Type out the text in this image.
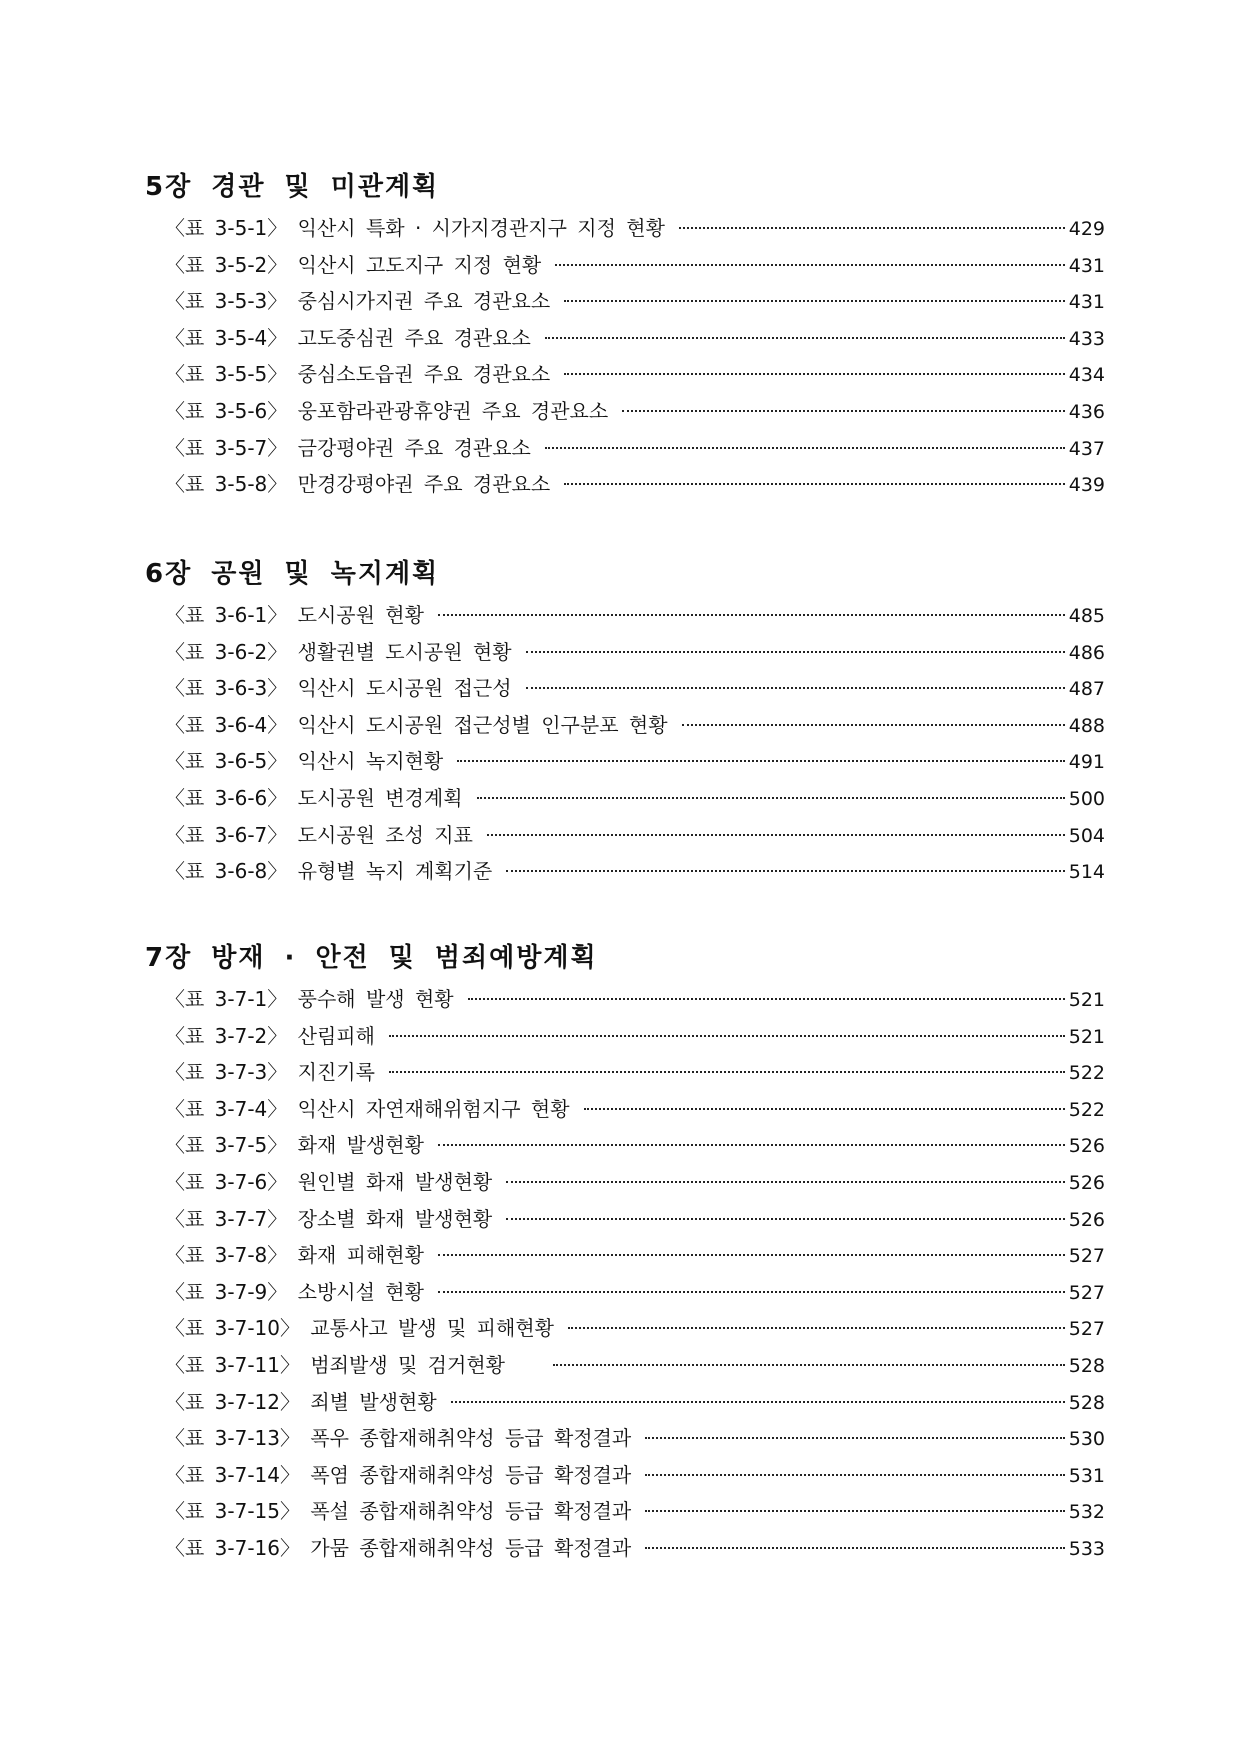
5장 경관 및 미관계획
〈표 3-5-1〉 익산시 특화 · 시가지경관지구 지정 현황	429
〈표 3-5-2〉 익산시 고도지구 지정 현황	431
〈표 3-5-3〉 중심시가지권 주요 경관요소	431
〈표 3-5-4〉 고도중심권 주요 경관요소	433
〈표 3-5-5〉 중심소도읍권 주요 경관요소	434
〈표 3-5-6〉 웅포함라관광휴양권 주요 경관요소	436
〈표 3-5-7〉 금강평야권 주요 경관요소	437
〈표 3-5-8〉 만경강평야권 주요 경관요소	439
6장 공원 및 녹지계획
〈표 3-6-1〉 도시공원 현황	485
〈표 3-6-2〉 생활권별 도시공원 현황	486
〈표 3-6-3〉 익산시 도시공원 접근성	487
〈표 3-6-4〉 익산시 도시공원 접근성별 인구분포 현황	488
〈표 3-6-5〉 익산시 녹지현황	491
〈표 3-6-6〉 도시공원 변경계획	500
〈표 3-6-7〉 도시공원 조성 지표	504
〈표 3-6-8〉 유형별 녹지 계획기준	514
7장 방재 · 안전 및 범죄예방계획
〈표 3-7-1〉 풍수해 발생 현황	521
〈표 3-7-2〉 산림피해	521
〈표 3-7-3〉 지진기록	522
〈표 3-7-4〉 익산시 자연재해위험지구 현황	522
〈표 3-7-5〉 화재 발생현황	526
〈표 3-7-6〉 원인별 화재 발생현황	526
〈표 3-7-7〉 장소별 화재 발생현황	526
〈표 3-7-8〉 화재 피해현황	527
〈표 3-7-9〉 소방시설 현황	527
〈표 3-7-10〉 교통사고 발생 및 피해현황	527
〈표 3-7-11〉 범죄발생 및 검거현황	528
〈표 3-7-12〉 죄별 발생현황	528
〈표 3-7-13〉 폭우 종합재해취약성 등급 확정결과	530
〈표 3-7-14〉 폭염 종합재해취약성 등급 확정결과	531
〈표 3-7-15〉 폭설 종합재해취약성 등급 확정결과	532
〈표 3-7-16〉 가뭄 종합재해취약성 등급 확정결과	533
